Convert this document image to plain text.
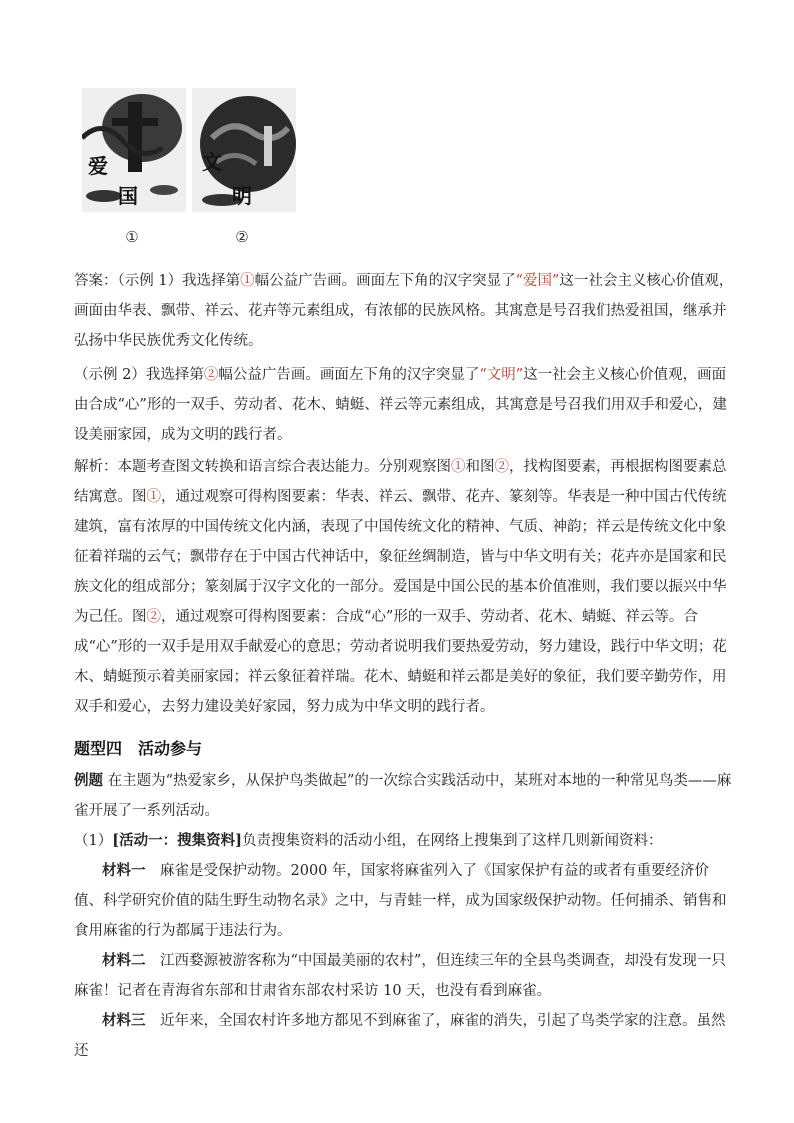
爱
国
文
明
①	②

答案：（示例 1）我选择第①幅公益广告画。画面左下角的汉字突显了“爱国”这一社会主义核心价值观，画面由华表、飘带、祥云、花卉等元素组成，有浓郁的民族风格。其寓意是号召我们热爱祖国，继承并弘扬中华民族优秀文化传统。

（示例 2）我选择第②幅公益广告画。画面左下角的汉字突显了“文明”这一社会主义核心价值观，画面由合成“心”形的一双手、劳动者、花木、蜻蜓、祥云等元素组成，其寓意是号召我们用双手和爱心，建设美丽家园，成为文明的践行者。

解析：本题考查图文转换和语言综合表达能力。分别观察图①和图②，找构图要素，再根据构图要素总结寓意。图①，通过观察可得构图要素：华表、祥云、飘带、花卉、篆刻等。华表是一种中国古代传统建筑，富有浓厚的中国传统文化内涵，表现了中国传统文化的精神、气质、神韵；祥云是传统文化中象征着祥瑞的云气；飘带存在于中国古代神话中，象征丝绸制造，皆与中华文明有关；花卉亦是国家和民族文化的组成部分；篆刻属于汉字文化的一部分。爱国是中国公民的基本价值准则，我们要以振兴中华为己任。图②，通过观察可得构图要素：合成“心”形的一双手、劳动者、花木、蜻蜓、祥云等。合成“心”形的一双手是用双手献爱心的意思；劳动者说明我们要热爱劳动，努力建设，践行中华文明；花木、蜻蜓预示着美丽家园；祥云象征着祥瑞。花木、蜻蜓和祥云都是美好的象征，我们要辛勤劳作，用双手和爱心，去努力建设美好家园，努力成为中华文明的践行者。

题型四　活动参与

例题 在主题为“热爱家乡，从保护鸟类做起”的一次综合实践活动中，某班对本地的一种常见鸟类——麻雀开展了一系列活动。

（1）[活动一：搜集资料]负责搜集资料的活动小组，在网络上搜集到了这样几则新闻资料：

材料一　麻雀是受保护动物。2000 年，国家将麻雀列入了《国家保护有益的或者有重要经济价值、科学研究价值的陆生野生动物名录》之中，与青蛙一样，成为国家级保护动物。任何捕杀、销售和食用麻雀的行为都属于违法行为。

材料二　江西婺源被游客称为“中国最美丽的农村”，但连续三年的全县鸟类调查，却没有发现一只麻雀！记者在青海省东部和甘肃省东部农村采访 10 天，也没有看到麻雀。

材料三　近年来，全国农村许多地方都见不到麻雀了，麻雀的消失，引起了鸟类学家的注意。虽然还
